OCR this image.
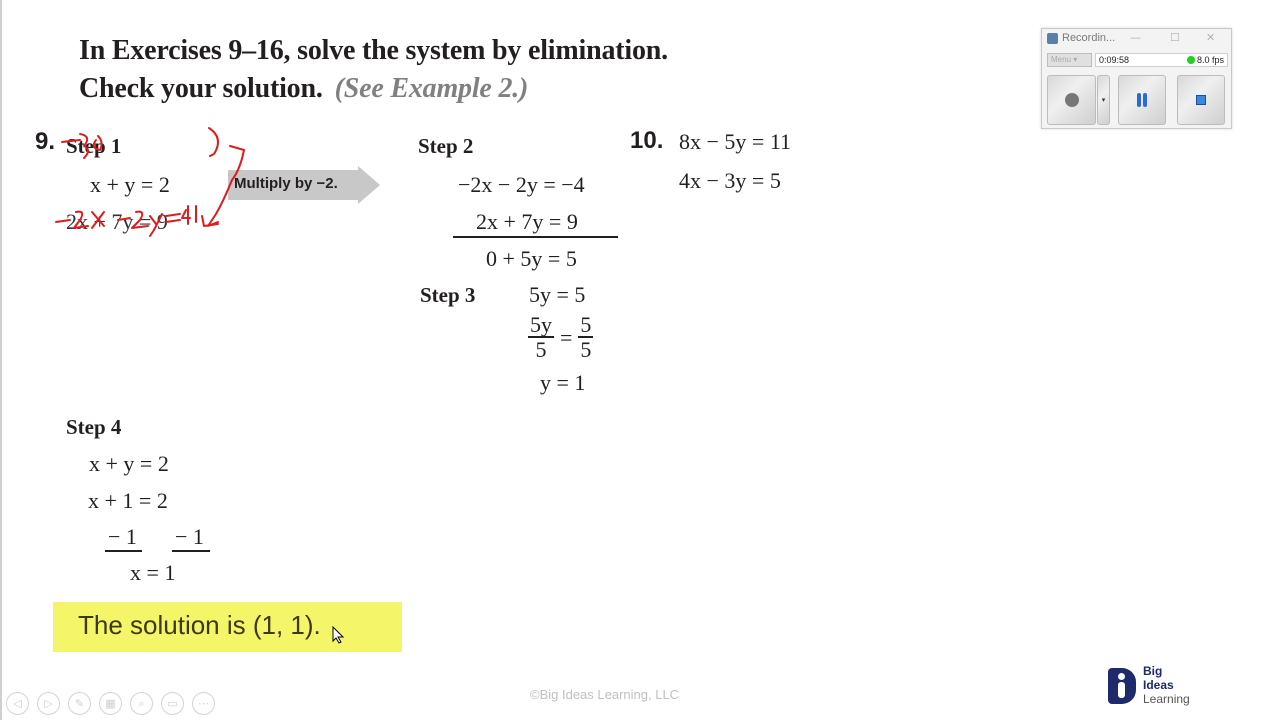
In Exercises 9–16, solve the system by elimination.
Check your solution. (See Example 2.)
9. Step 1
x + y = 2
2x + 7y = 9
Multiply by −2.
Step 2
−2x − 2y = −4
2x + 7y = 9
0 + 5y = 5
Step 3 5y = 5
$\frac{5y}{5} = \frac{5}{5}$
y = 1
10. 8x − 5y = 11
4x − 3y = 5
Step 4
x + y = 2
x + 1 = 2
− 1 − 1
x = 1
The solution is (1, 1).
©Big Ideas Learning, LLC
◁	▷	✎	▦	⌕	▭	⋯
Big
Ideas
Learning
Recordin... —	☐ ✕
Menu ▾	0:09:58	8.0 fps
▾
